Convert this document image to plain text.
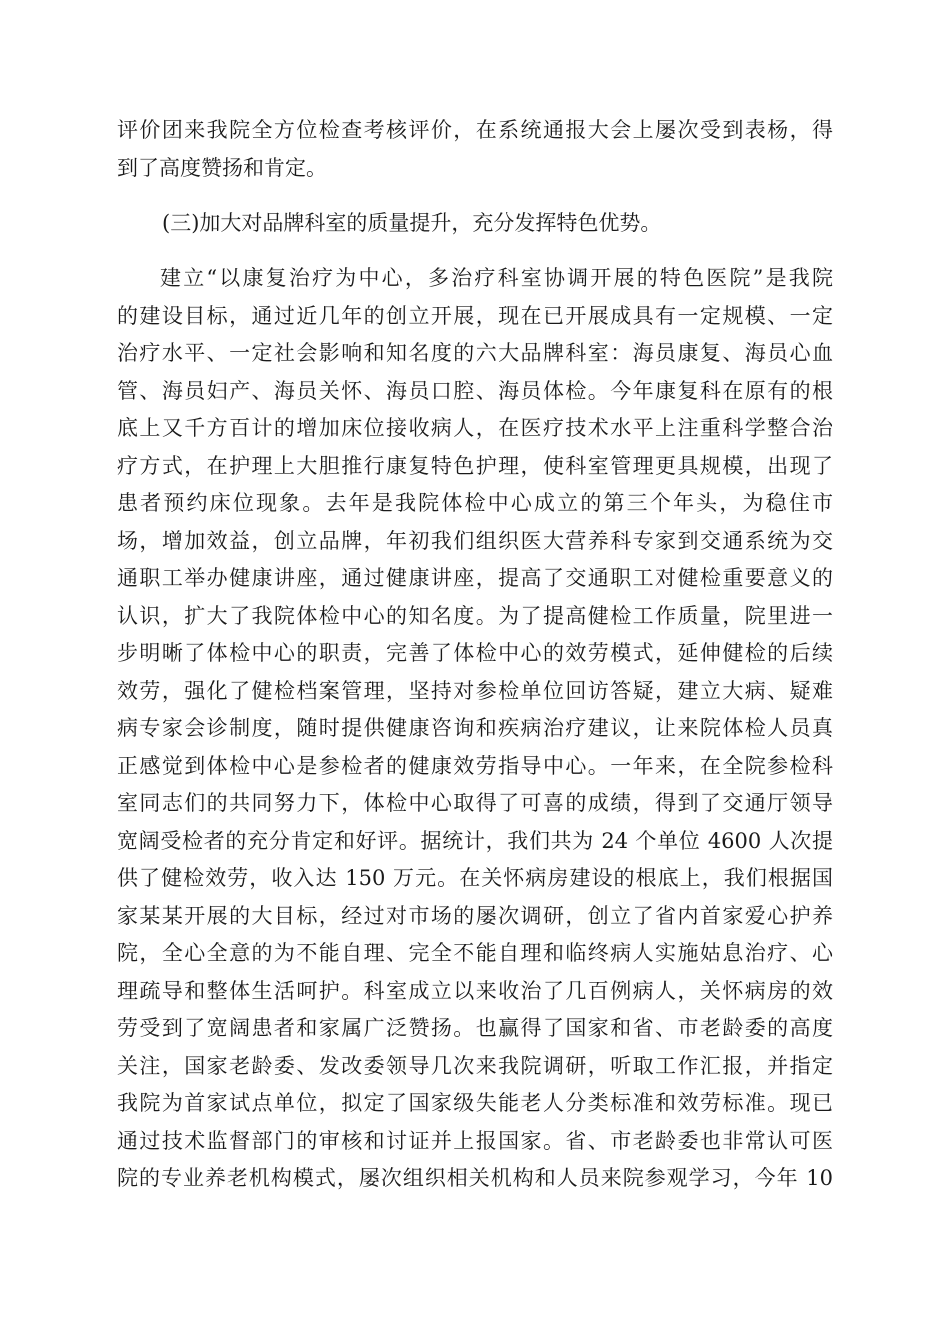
评价团来我院全方位检查考核评价，在系统通报大会上屡次受到表杨，得
到了高度赞扬和肯定。
(三)加大对品牌科室的质量提升，充分发挥特色优势。
建立“以康复治疗为中心，多治疗科室协调开展的特色医院”是我院
的建设目标，通过近几年的创立开展，现在已开展成具有一定规模、一定
治疗水平、一定社会影响和知名度的六大品牌科室：海员康复、海员心血
管、海员妇产、海员关怀、海员口腔、海员体检。今年康复科在原有的根
底上又千方百计的增加床位接收病人，在医疗技术水平上注重科学整合治
疗方式，在护理上大胆推行康复特色护理，使科室管理更具规模，出现了
患者预约床位现象。去年是我院体检中心成立的第三个年头，为稳住市
场，增加效益，创立品牌，年初我们组织医大营养科专家到交通系统为交
通职工举办健康讲座，通过健康讲座，提高了交通职工对健检重要意义的
认识，扩大了我院体检中心的知名度。为了提高健检工作质量，院里进一
步明晰了体检中心的职责，完善了体检中心的效劳模式，延伸健检的后续
效劳，强化了健检档案管理，坚持对参检单位回访答疑，建立大病、疑难
病专家会诊制度，随时提供健康咨询和疾病治疗建议，让来院体检人员真
正感觉到体检中心是参检者的健康效劳指导中心。一年来，在全院参检科
室同志们的共同努力下，体检中心取得了可喜的成绩，得到了交通厅领导
宽阔受检者的充分肯定和好评。据统计，我们共为 24 个单位 4600 人次提
供了健检效劳，收入达 150 万元。在关怀病房建设的根底上，我们根据国
家某某开展的大目标，经过对市场的屡次调研，创立了省内首家爱心护养
院，全心全意的为不能自理、完全不能自理和临终病人实施姑息治疗、心
理疏导和整体生活呵护。科室成立以来收治了几百例病人，关怀病房的效
劳受到了宽阔患者和家属广泛赞扬。也赢得了国家和省、市老龄委的高度
关注，国家老龄委、发改委领导几次来我院调研，听取工作汇报，并指定
我院为首家试点单位，拟定了国家级失能老人分类标准和效劳标准。现已
通过技术监督部门的审核和讨证并上报国家。省、市老龄委也非常认可医
院的专业养老机构模式，屡次组织相关机构和人员来院参观学习，今年 10
